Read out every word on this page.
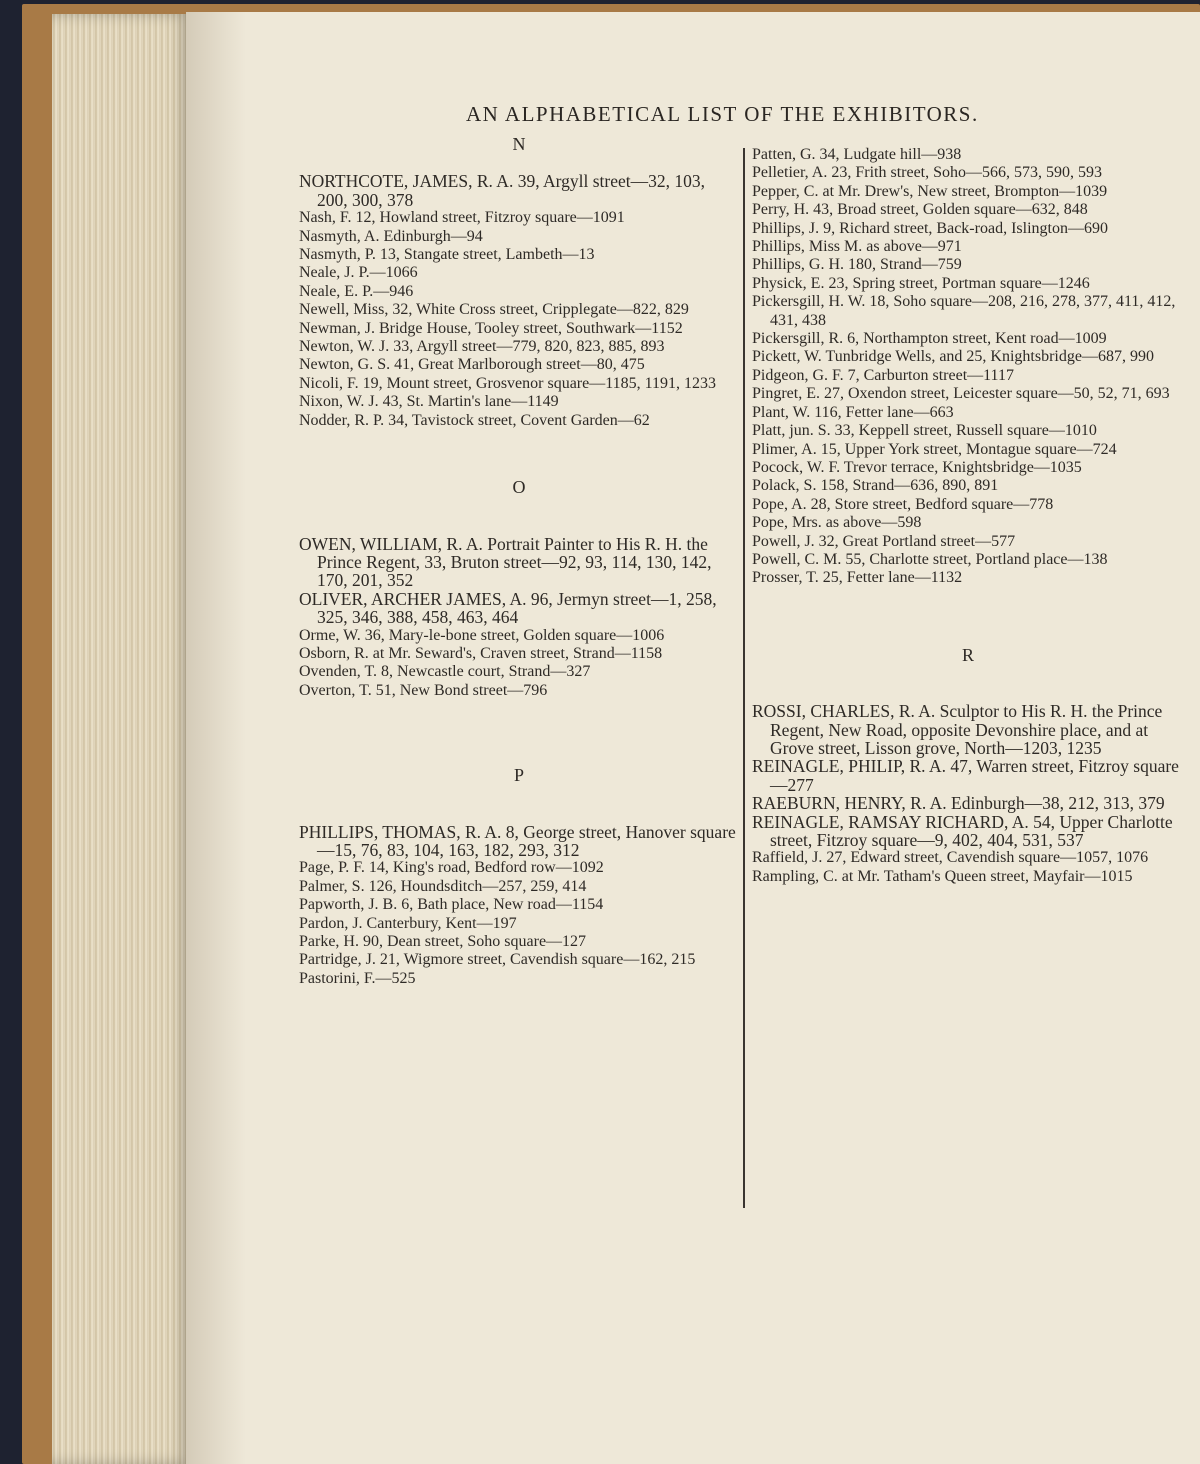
AN ALPHABETICAL LIST OF THE EXHIBITORS.

N

NORTHCOTE, JAMES, R. A. 39, Argyll street—32, 103, 200, 300, 378

Nash, F. 12, Howland street, Fitzroy square—1091

Nasmyth, A. Edinburgh—94

Nasmyth, P. 13, Stangate street, Lambeth—13

Neale, J. P.—1066

Neale, E. P.—946

Newell, Miss, 32, White Cross street, Cripplegate—822, 829

Newman, J. Bridge House, Tooley street, Southwark—1152

Newton, W. J. 33, Argyll street—779, 820, 823, 885, 893

Newton, G. S. 41, Great Marlborough street—80, 475

Nicoli, F. 19, Mount street, Grosvenor square—1185, 1191, 1233

Nixon, W. J. 43, St. Martin's lane—1149

Nodder, R. P. 34, Tavistock street, Covent Garden—62

O

OWEN, WILLIAM, R. A. Portrait Painter to His R. H. the Prince Regent, 33, Bruton street—92, 93, 114, 130, 142, 170, 201, 352

OLIVER, ARCHER JAMES, A. 96, Jermyn street—1, 258, 325, 346, 388, 458, 463, 464

Orme, W. 36, Mary-le-bone street, Golden square—1006

Osborn, R. at Mr. Seward's, Craven street, Strand—1158

Ovenden, T. 8, Newcastle court, Strand—327

Overton, T. 51, New Bond street—796

P

PHILLIPS, THOMAS, R. A. 8, George street, Hanover square—15, 76, 83, 104, 163, 182, 293, 312

Page, P. F. 14, King's road, Bedford row—1092

Palmer, S. 126, Houndsditch—257, 259, 414

Papworth, J. B. 6, Bath place, New road—1154

Pardon, J. Canterbury, Kent—197

Parke, H. 90, Dean street, Soho square—127

Partridge, J. 21, Wigmore street, Cavendish square—162, 215

Pastorini, F.—525

Patten, G. 34, Ludgate hill—938

Pelletier, A. 23, Frith street, Soho—566, 573, 590, 593

Pepper, C. at Mr. Drew's, New street, Brompton—1039

Perry, H. 43, Broad street, Golden square—632, 848

Phillips, J. 9, Richard street, Back-road, Islington—690

Phillips, Miss M. as above—971

Phillips, G. H. 180, Strand—759

Physick, E. 23, Spring street, Portman square—1246

Pickersgill, H. W. 18, Soho square—208, 216, 278, 377, 411, 412, 431, 438

Pickersgill, R. 6, Northampton street, Kent road—1009

Pickett, W. Tunbridge Wells, and 25, Knightsbridge—687, 990

Pidgeon, G. F. 7, Carburton street—1117

Pingret, E. 27, Oxendon street, Leicester square—50, 52, 71, 693

Plant, W. 116, Fetter lane—663

Platt, jun. S. 33, Keppell street, Russell square—1010

Plimer, A. 15, Upper York street, Montague square—724

Pocock, W. F. Trevor terrace, Knightsbridge—1035

Polack, S. 158, Strand—636, 890, 891

Pope, A. 28, Store street, Bedford square—778

Pope, Mrs. as above—598

Powell, J. 32, Great Portland street—577

Powell, C. M. 55, Charlotte street, Portland place—138

Prosser, T. 25, Fetter lane—1132

R

ROSSI, CHARLES, R. A. Sculptor to His R. H. the Prince Regent, New Road, opposite Devonshire place, and at Grove street, Lisson grove, North—1203, 1235

REINAGLE, PHILIP, R. A. 47, Warren street, Fitzroy square—277

RAEBURN, HENRY, R. A. Edinburgh—38, 212, 313, 379

REINAGLE, RAMSAY RICHARD, A. 54, Upper Charlotte street, Fitzroy square—9, 402, 404, 531, 537

Raffield, J. 27, Edward street, Cavendish square—1057, 1076

Rampling, C. at Mr. Tatham's Queen street, Mayfair—1015
